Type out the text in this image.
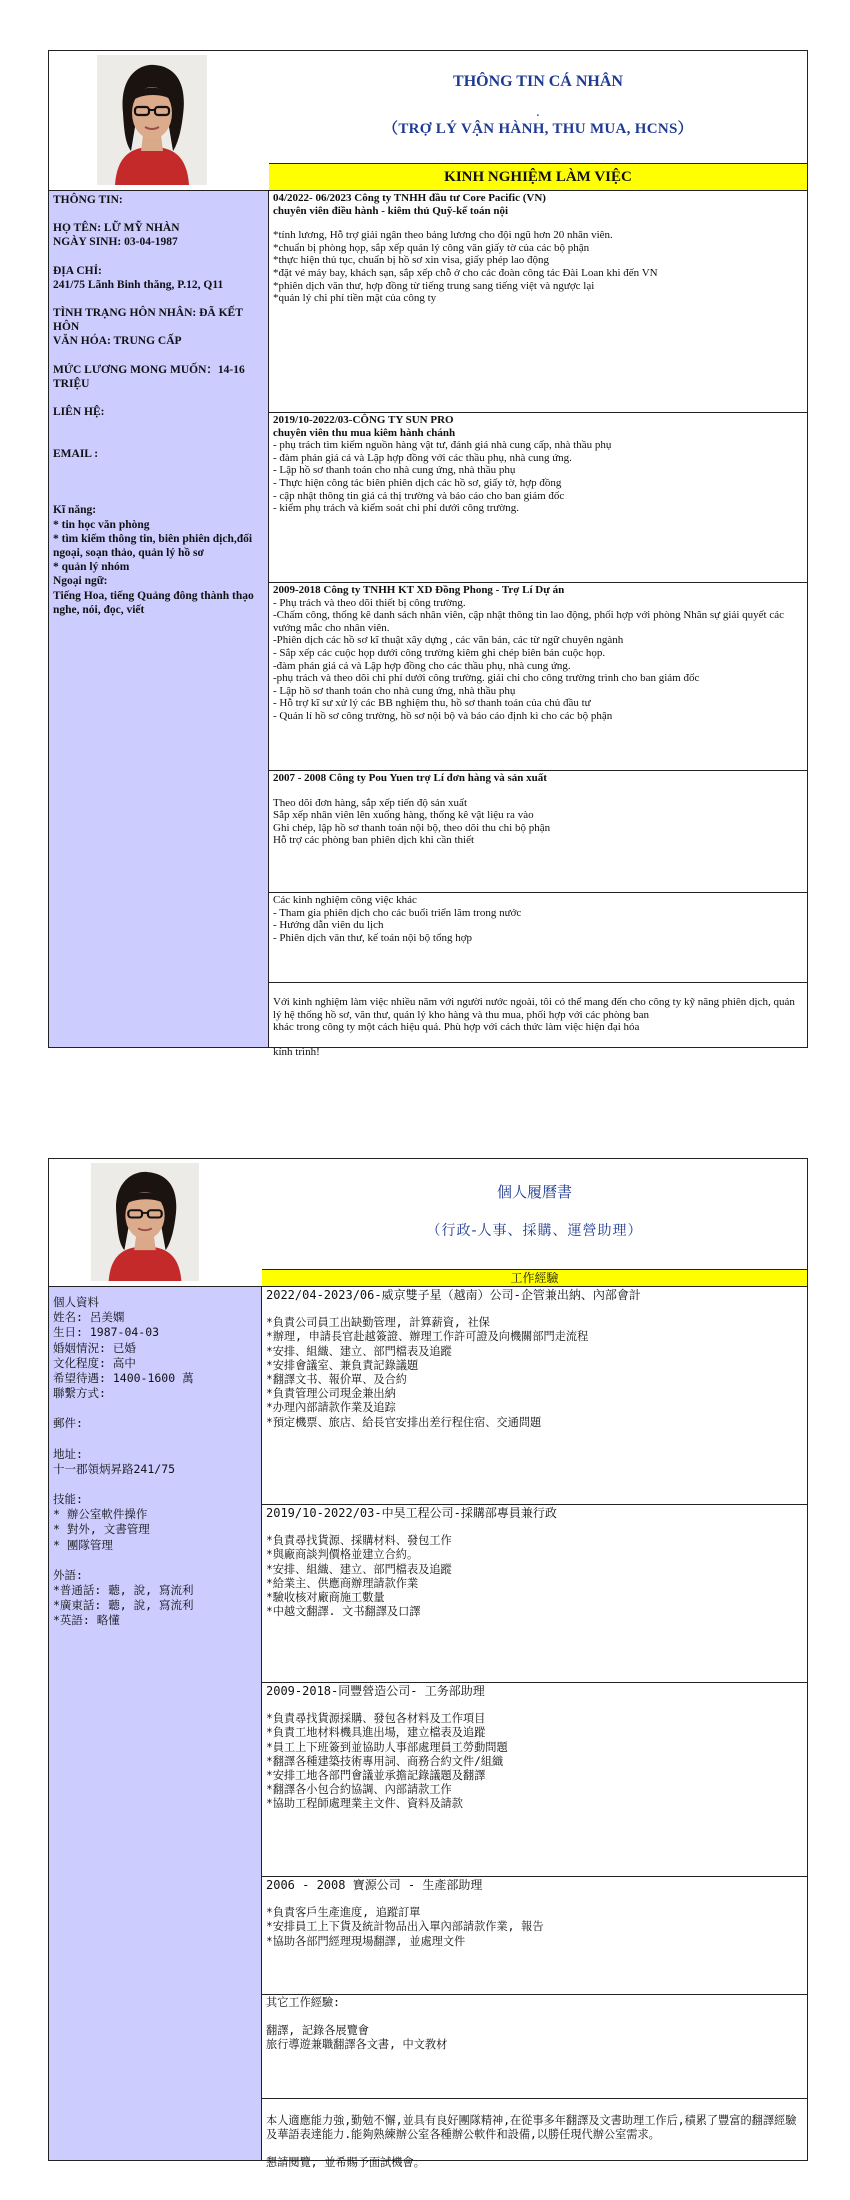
THÔNG TIN:
HỌ TÊN: LỮ MỸ NHÀN
NGÀY SINH: 03-04-1987
ĐỊA CHỈ:
241/75 Lãnh Binh thăng, P.12, Q11
TÌNH TRẠNG HÔN NHÂN: ĐÃ KẾT HÔN
VĂN HÓA: TRUNG CẤP
MỨC LƯƠNG MONG MUỐN：14-16 TRIỆU
LIÊN HỆ:
EMAIL :
Kĩ năng:
* tin học văn phòng
* tìm kiếm thông tin, biên phiên dịch,đối ngoại, soạn thảo, quản lý hồ sơ
* quản lý nhóm
Ngoại ngữ:
Tiếng Hoa, tiếng Quảng đông thành thạo nghe, nói, đọc, viết
THÔNG TIN CÁ NHÂN
.
（TRỢ LÝ VẬN HÀNH, THU MUA, HCNS）
KINH NGHIỆM LÀM VIỆC
04/2022- 06/2023 Công ty TNHH đầu tư Core Pacific (VN)
chuyên viên điều hành - kiêm thủ Quỹ-kế toán nội
*tính lương, Hỗ trợ giải ngân theo bảng lương cho đội ngũ hơn 20 nhân viên.
*chuẩn bị phòng họp, sắp xếp quản lý công văn giấy tờ của các bộ phận
*thực hiện thủ tục, chuẩn bị hồ sơ xin visa, giấy phép lao động
*đặt vé máy bay, khách sạn, sắp xếp chỗ ở cho các đoàn công tác Đài Loan khi đến VN
*phiên dịch văn thư, hợp đồng từ tiếng trung sang tiếng việt và ngược lại
*quản lý chi phí tiền mặt của công ty
2019/10-2022/03-CÔNG TY SUN PRO
chuyên viên thu mua kiêm hành chánh
- phụ trách tìm kiếm nguồn hàng vật tư, đánh giá nhà cung cấp, nhà thầu phụ
- đàm phán giá cả và Lập hợp đồng với các thầu phụ, nhà cung ứng.
- Lập hồ sơ thanh toán cho nhà cung ứng, nhà thầu phụ
- Thực hiện công tác biên phiên dịch các hồ sơ, giấy tờ, hợp đồng
- cập nhật thông tin giá cả thị trường và báo cáo cho ban giám đốc
- kiểm phụ trách và kiểm soát chi phí dưới công trường.
2009-2018 Công ty TNHH KT XD Đồng Phong - Trợ Lí Dự án
- Phụ trách và theo dõi thiết bị công trường.
-Chấm công, thống kê danh sách nhân viên, cập nhật thông tin lao động, phối hợp với phòng Nhân sự giải quyết các vướng mắc cho nhân viên.
-Phiên dịch các hồ sơ kĩ thuật xây dựng , các văn bản, các từ ngữ chuyên ngành
- Sắp xếp các cuộc họp dưới công trường kiêm ghi chép biên bản cuộc họp.
-đàm phán giá cả và Lập hợp đồng cho các thầu phụ, nhà cung ứng.
-phụ trách và theo dõi chi phí dưới công trường. giải chi cho công trường trình cho ban giám đốc
- Lập hồ sơ thanh toán cho nhà cung ứng, nhà thầu phụ
- Hỗ trợ kĩ sư xử lý các BB nghiệm thu, hồ sơ thanh toán của chủ đầu tư
- Quản lí hồ sơ công trường, hồ sơ nội bộ và báo cáo định kì cho các bộ phận
2007 - 2008 Công ty Pou Yuen trợ Lí đơn hàng và sản xuất
Theo dõi đơn hàng, sắp xếp tiến độ sản xuất
Sắp xếp nhân viên lên xuống hàng, thống kê vật liệu ra vào
Ghi chép, lập hồ sơ thanh toán nội bộ, theo dõi thu chi bộ phận
Hỗ trợ các phòng ban phiên dịch khi cần thiết
Các kinh nghiệm công việc khác
- Tham gia phiên dịch cho các buổi triển lãm trong nước
- Hướng dẫn viên du lịch
- Phiên dịch văn thư, kế toán nội bộ tổng hợp
Với kinh nghiệm làm việc nhiều năm với người nước ngoài, tôi có thể mang đến cho công ty kỹ năng phiên dịch, quản lý hệ thống hồ sơ, văn thư, quản lý kho hàng và thu mua, phối hợp với các phòng ban
khác trong công ty một cách hiệu quả. Phù hợp với cách thức làm việc hiện đại hóa
kính trình!
個人資料
姓名: 呂美嫻
生日: 1987-04-03
婚姻情況: 已婚
文化程度: 高中
希望待遇: 1400-1600 萬
聯繫方式:
郵件:
地址:
十一郡領炳昇路241/75
技能:
* 辦公室軟件操作
* 對外, 文書管理
* 團隊管理
外語:
*普通話: 聽, 說, 寫流利
*廣東話: 聽, 說, 寫流利
*英語: 略懂
個人履曆書
（行政-人事、採購、運營助理）
工作經驗
2022/04-2023/06-威京雙子星（越南）公司-企管兼出納、內部會計
*負責公司員工出缺勤管理, 計算薪資, 社保
*辦理, 申請長官赴越簽證、辦理工作許可證及向機關部門走流程
*安排、組織、建立、部門檔表及追蹤
*安排會議室、兼負責記錄議題
*翻譯文书、報价單、及合約
*負責管理公司現金兼出納
*办理內部請款作業及追踪
*預定機票、旅店、給長官安排出差行程住宿、交通問題
2019/10-2022/03-中昊工程公司-採購部專員兼行政
*負責尋找貨源、採購材料、發包工作
*與廠商談判價格並建立合約。
*安排、組織、建立、部門檔表及追蹤
*給業主、供應商辦理請款作業
*驗收核对廠商施工數量
*中越文翻譯. 文书翻譯及口譯
2009-2018-同豐營造公司- 工务部助理
*負責尋找貨源採購、發包各材料及工作項目
*負責工地材料機具進出場，建立檔表及追蹤
*員工上下班簽到並協助人事部處理員工勞動問題
*翻譯各種建築技術專用詞、商務合約文件/組織
*安排工地各部門會議並承擔記錄議題及翻譯
*翻譯各小包合約協調、內部請款工作
*協助工程師處理業主文件、資料及請款
2006 - 2008 寶源公司 - 生產部助理
*負責客戶生產進度, 追蹤訂單
*安排員工上下貨及統計物品出入單內部請款作業, 報告
*協助各部門經理現場翻譯, 並處理文件
其它工作經驗:
翻譯, 記錄各展覽會
旅行導遊兼職翻譯各文書, 中文教材
本人適應能力強,勤勉不懈,並具有良好團隊精神,在從事多年翻譯及文書助理工作后,積累了豐富的翻譯經驗及華語表達能力.能夠熟練辦公室各種辦公軟件和設備,以勝任現代辦公室需求。
懇請閱覽, 並希賜予面試機會。
